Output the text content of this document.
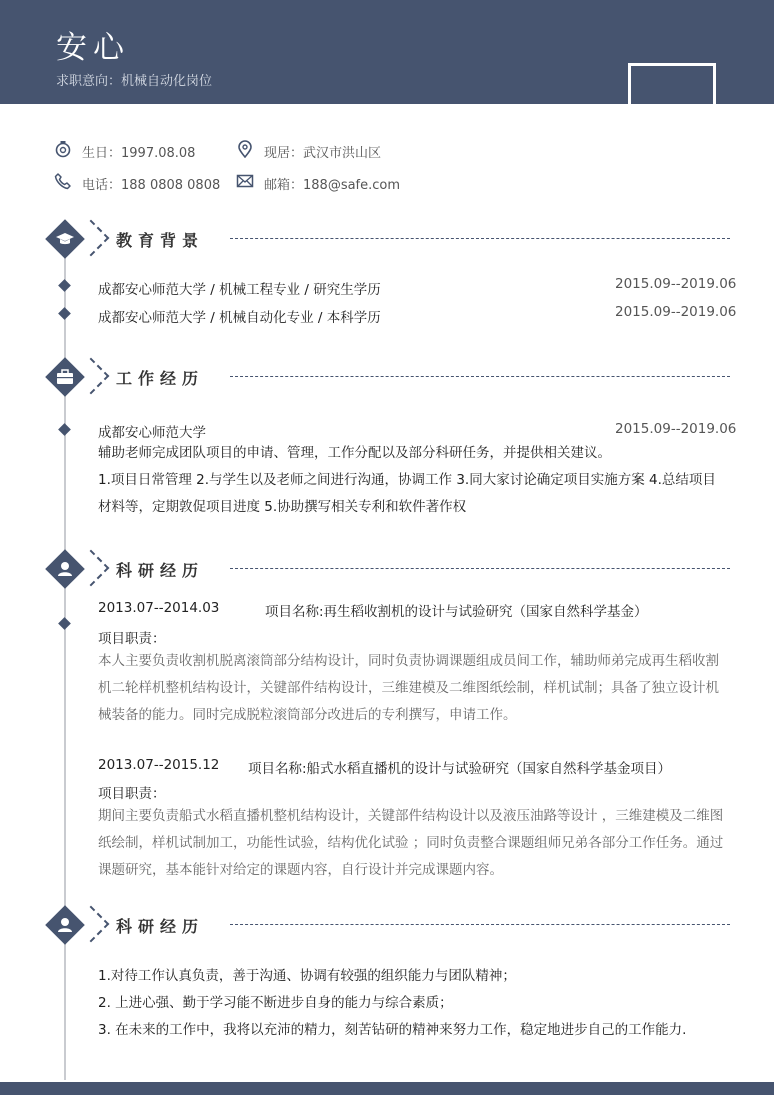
安心
求职意向：机械自动化岗位
生日：1997.08.08	现居：武汉市洪山区
电话：188 0808 0808	邮箱：188@safe.com
教育背景
成都安心师范大学 / 机械工程专业 / 研究生学历	2015.09--2019.06
成都安心师范大学 / 机械自动化专业 / 本科学历	2015.09--2019.06
工作经历
成都安心师范大学	2015.09--2019.06
辅助老师完成团队项目的申请、管理，工作分配以及部分科研任务，并提供相关建议。
1.项目日常管理 2.与学生以及老师之间进行沟通，协调工作 3.同大家讨论确定项目实施方案 4.总结项目材料等，定期敦促项目进度 5.协助撰写相关专利和软件著作权
科研经历
2013.07--2014.03	项目名称:再生稻收割机的设计与试验研究（国家自然科学基金）
项目职责：
本人主要负责收割机脱离滚筒部分结构设计，同时负责协调课题组成员间工作，辅助师弟完成再生稻收割机二轮样机整机结构设计，关键部件结构设计，三维建模及二维图纸绘制，样机试制；具备了独立设计机械装备的能力。同时完成脱粒滚筒部分改进后的专利撰写，申请工作。
2013.07--2015.12 项目名称:船式水稻直播机的设计与试验研究（国家自然科学基金项目）
项目职责：
期间主要负责船式水稻直播机整机结构设计，关键部件结构设计以及液压油路等设计 ，三维建模及二维图纸绘制，样机试制加工，功能性试验，结构优化试验 ；同时负责整合课题组师兄弟各部分工作任务。通过课题研究，基本能针对给定的课题内容，自行设计并完成课题内容。
科研经历
1.对待工作认真负责，善于沟通、协调有较强的组织能力与团队精神；
2. 上进心强、勤于学习能不断进步自身的能力与综合素质；
3. 在未来的工作中，我将以充沛的精力，刻苦钻研的精神来努力工作，稳定地进步自己的工作能力.
